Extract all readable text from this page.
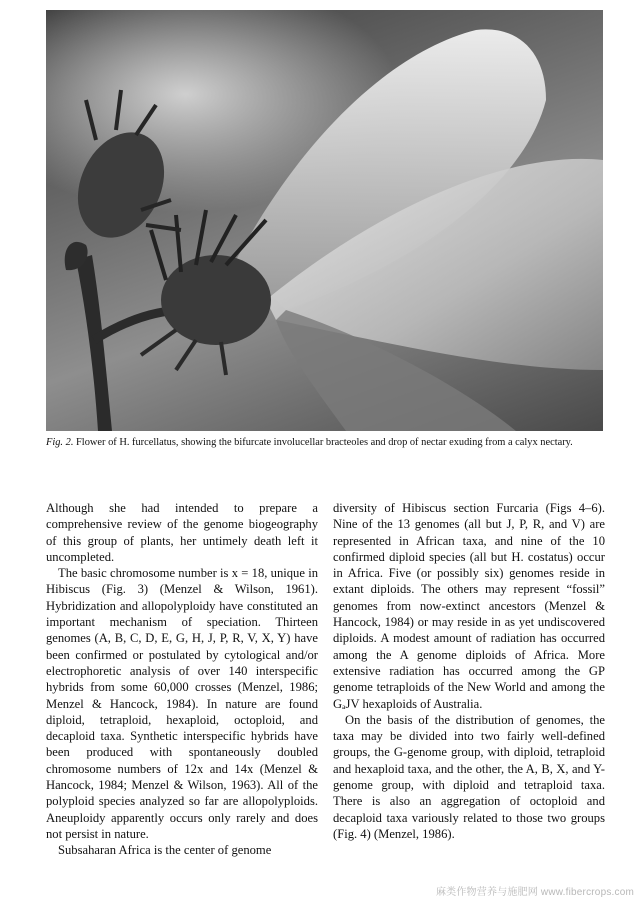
Fig. 2. Flower of H. furcellatus, showing the bifurcate involucellar bracteoles and drop of nectar exuding from a calyx nectary.

Although she had intended to prepare a comprehensive review of the genome biogeography of this group of plants, her untimely death left it uncompleted.

The basic chromosome number is x = 18, unique in Hibiscus (Fig. 3) (Menzel & Wilson, 1961). Hybridization and allopolyploidy have constituted an important mechanism of speciation. Thirteen genomes (A, B, C, D, E, G, H, J, P, R, V, X, Y) have been confirmed or postulated by cytological and/or electrophoretic analysis of over 140 interspecific hybrids from some 60,000 crosses (Menzel, 1986; Menzel & Hancock, 1984). In nature are found diploid, tetraploid, hexaploid, octoploid, and decaploid taxa. Synthetic interspecific hybrids have been produced with spontaneously doubled chromosome numbers of 12x and 14x (Menzel & Hancock, 1984; Menzel & Wilson, 1963). All of the polyploid species analyzed so far are allopolyploids. Aneuploidy apparently occurs only rarely and does not persist in nature.

Subsaharan Africa is the center of genome

diversity of Hibiscus section Furcaria (Figs 4–6). Nine of the 13 genomes (all but J, P, R, and V) are represented in African taxa, and nine of the 10 confirmed diploid species (all but H. costatus) occur in Africa. Five (or possibly six) genomes reside in extant diploids. The others may represent “fossil” genomes from now-extinct ancestors (Menzel & Hancock, 1984) or may reside in as yet undiscovered diploids. A modest amount of radiation has occurred among the A genome diploids of Africa. More extensive radiation has occurred among the GP genome tetraploids of the New World and among the GₐJV hexaploids of Australia.

On the basis of the distribution of genomes, the taxa may be divided into two fairly well-defined groups, the G-genome group, with diploid, tetraploid and hexaploid taxa, and the other, the A, B, X, and Y-genome group, with diploid and tetraploid taxa. There is also an aggregation of octoploid and decaploid taxa variously related to those two groups (Fig. 4) (Menzel, 1986).

麻类作物营养与施肥网 www.fibercrops.com
